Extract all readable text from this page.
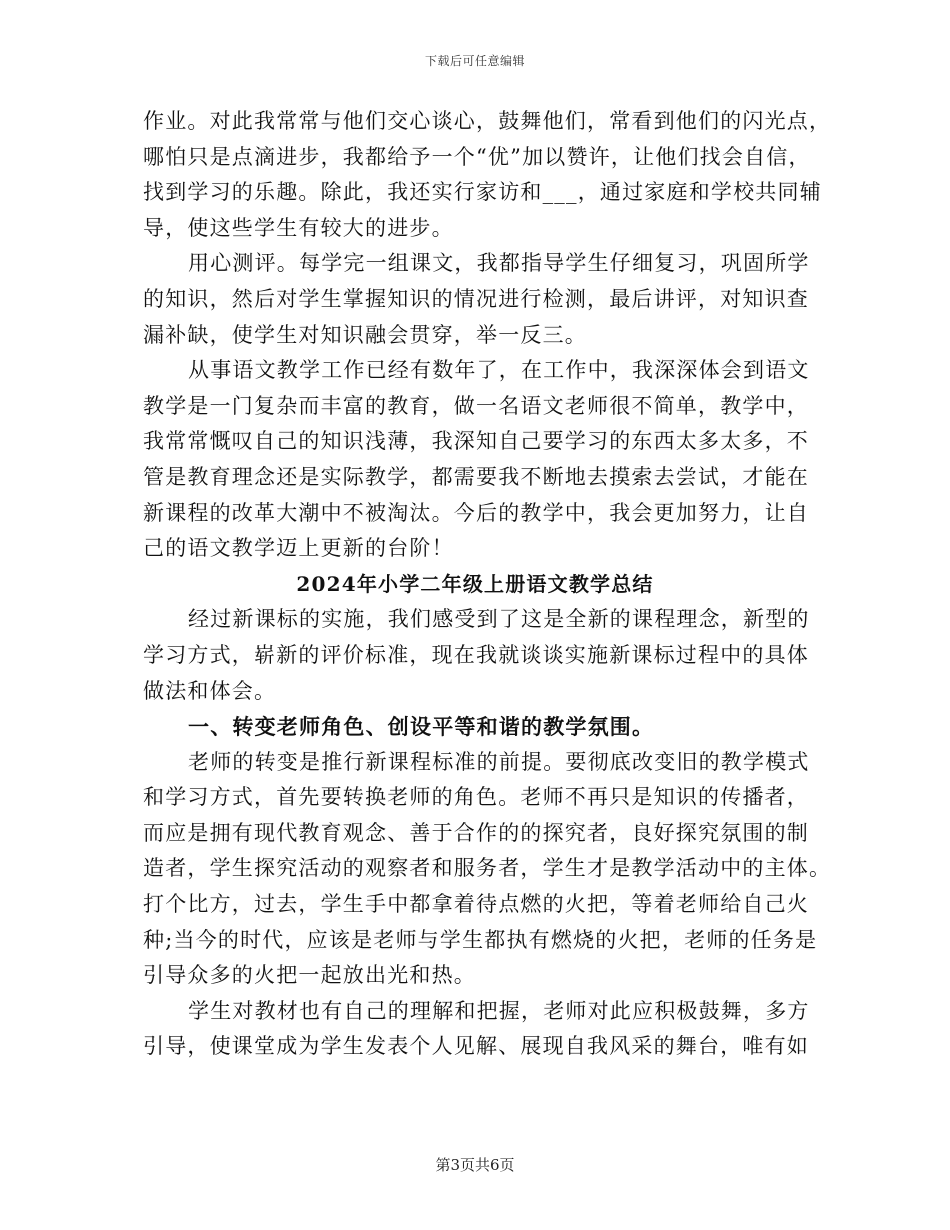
下载后可任意编辑
作业。对此我常常与他们交心谈心，鼓舞他们，常看到他们的闪光点，
哪怕只是点滴进步，我都给予一个“优”加以赞许，让他们找会自信，
找到学习的乐趣。除此，我还实行家访和___，通过家庭和学校共同辅
导，使这些学生有较大的进步。
用心测评。每学完一组课文，我都指导学生仔细复习，巩固所学
的知识，然后对学生掌握知识的情况进行检测，最后讲评，对知识查
漏补缺，使学生对知识融会贯穿，举一反三。
从事语文教学工作已经有数年了，在工作中，我深深体会到语文
教学是一门复杂而丰富的教育，做一名语文老师很不简单，教学中，
我常常慨叹自己的知识浅薄，我深知自己要学习的东西太多太多，不
管是教育理念还是实际教学，都需要我不断地去摸索去尝试，才能在
新课程的改革大潮中不被淘汰。今后的教学中，我会更加努力，让自
己的语文教学迈上更新的台阶！
2024年小学二年级上册语文教学总结
经过新课标的实施，我们感受到了这是全新的课程理念，新型的
学习方式，崭新的评价标准，现在我就谈谈实施新课标过程中的具体
做法和体会。
一、转变老师角色、创设平等和谐的教学氛围。
老师的转变是推行新课程标准的前提。要彻底改变旧的教学模式
和学习方式，首先要转换老师的角色。老师不再只是知识的传播者，
而应是拥有现代教育观念、善于合作的的探究者，良好探究氛围的制
造者，学生探究活动的观察者和服务者，学生才是教学活动中的主体。
打个比方，过去，学生手中都拿着待点燃的火把，等着老师给自己火
种;当今的时代，应该是老师与学生都执有燃烧的火把，老师的任务是
引导众多的火把一起放出光和热。
学生对教材也有自己的理解和把握，老师对此应积极鼓舞，多方
引导，使课堂成为学生发表个人见解、展现自我风采的舞台，唯有如
第3页共6页
